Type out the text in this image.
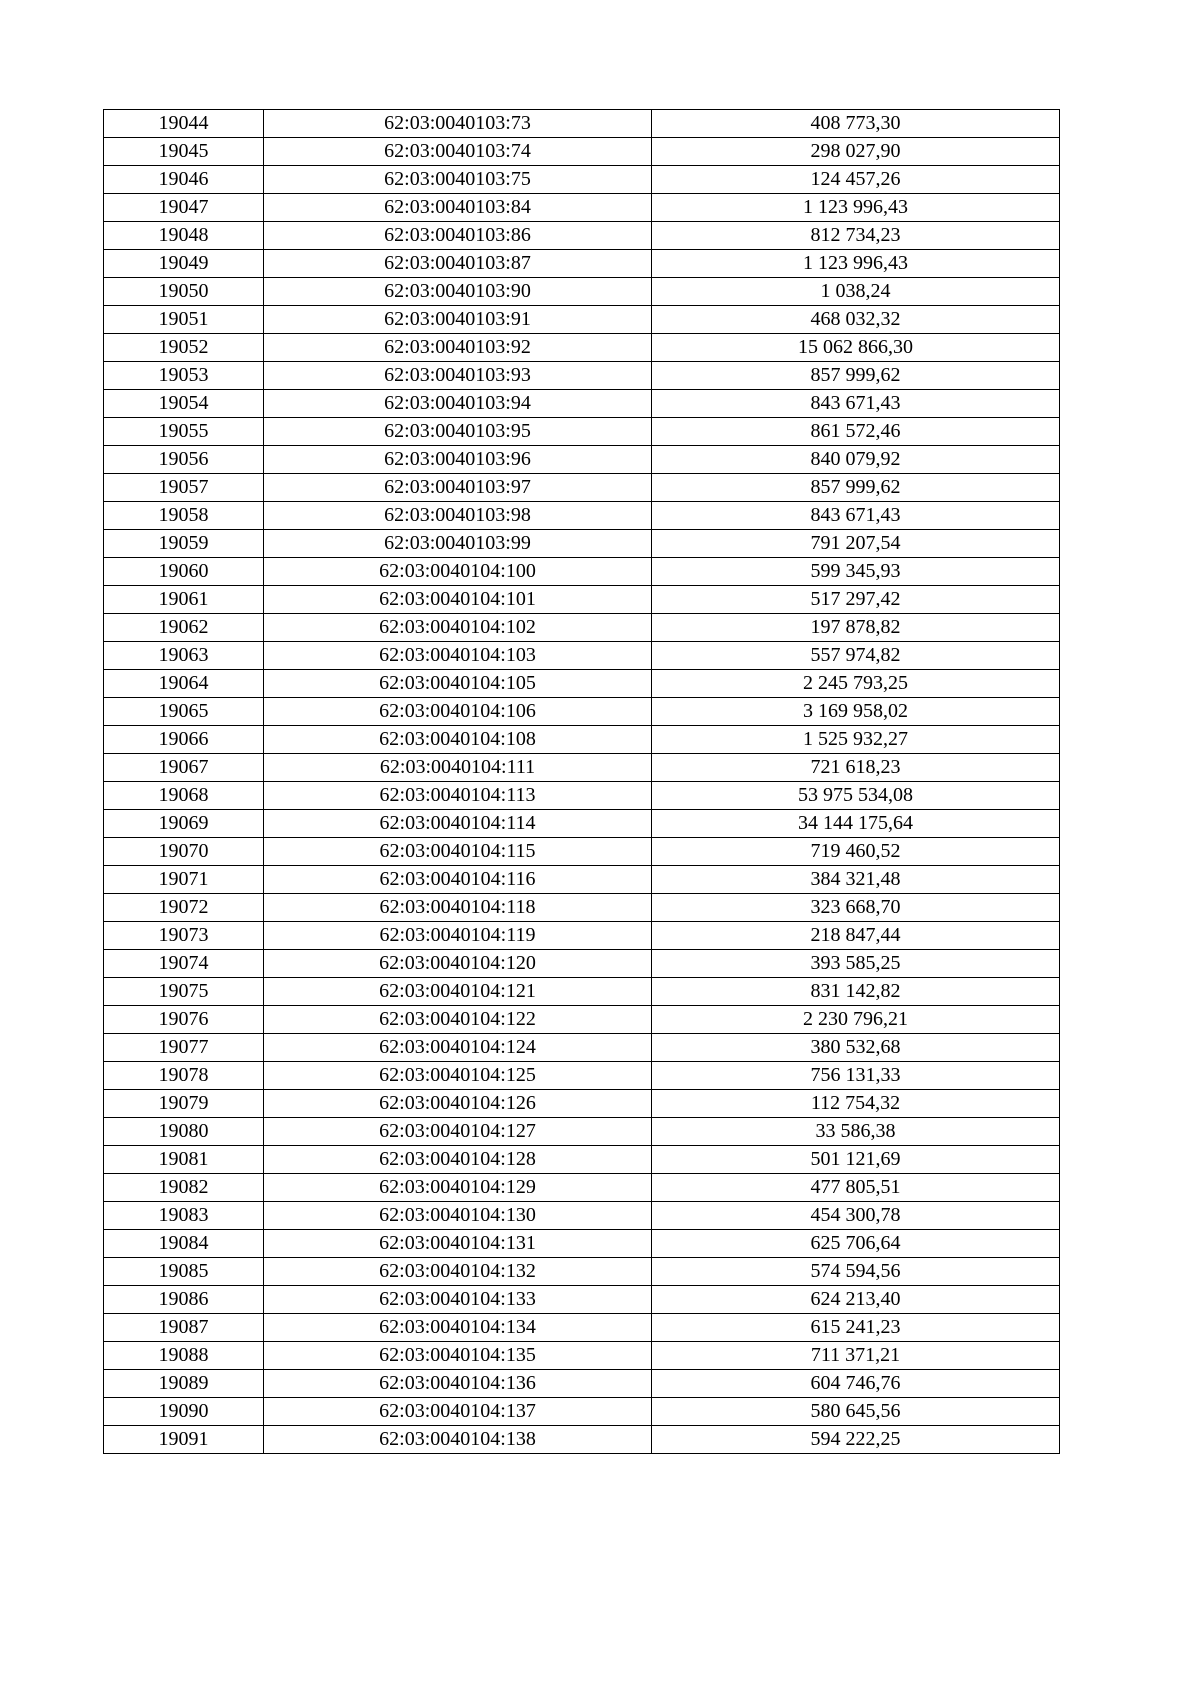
19044	62:03:0040103:73	408 773,30
19045	62:03:0040103:74	298 027,90
19046	62:03:0040103:75	124 457,26
19047	62:03:0040103:84	1 123 996,43
19048	62:03:0040103:86	812 734,23
19049	62:03:0040103:87	1 123 996,43
19050	62:03:0040103:90	1 038,24
19051	62:03:0040103:91	468 032,32
19052	62:03:0040103:92	15 062 866,30
19053	62:03:0040103:93	857 999,62
19054	62:03:0040103:94	843 671,43
19055	62:03:0040103:95	861 572,46
19056	62:03:0040103:96	840 079,92
19057	62:03:0040103:97	857 999,62
19058	62:03:0040103:98	843 671,43
19059	62:03:0040103:99	791 207,54
19060	62:03:0040104:100	599 345,93
19061	62:03:0040104:101	517 297,42
19062	62:03:0040104:102	197 878,82
19063	62:03:0040104:103	557 974,82
19064	62:03:0040104:105	2 245 793,25
19065	62:03:0040104:106	3 169 958,02
19066	62:03:0040104:108	1 525 932,27
19067	62:03:0040104:111	721 618,23
19068	62:03:0040104:113	53 975 534,08
19069	62:03:0040104:114	34 144 175,64
19070	62:03:0040104:115	719 460,52
19071	62:03:0040104:116	384 321,48
19072	62:03:0040104:118	323 668,70
19073	62:03:0040104:119	218 847,44
19074	62:03:0040104:120	393 585,25
19075	62:03:0040104:121	831 142,82
19076	62:03:0040104:122	2 230 796,21
19077	62:03:0040104:124	380 532,68
19078	62:03:0040104:125	756 131,33
19079	62:03:0040104:126	112 754,32
19080	62:03:0040104:127	33 586,38
19081	62:03:0040104:128	501 121,69
19082	62:03:0040104:129	477 805,51
19083	62:03:0040104:130	454 300,78
19084	62:03:0040104:131	625 706,64
19085	62:03:0040104:132	574 594,56
19086	62:03:0040104:133	624 213,40
19087	62:03:0040104:134	615 241,23
19088	62:03:0040104:135	711 371,21
19089	62:03:0040104:136	604 746,76
19090	62:03:0040104:137	580 645,56
19091	62:03:0040104:138	594 222,25
